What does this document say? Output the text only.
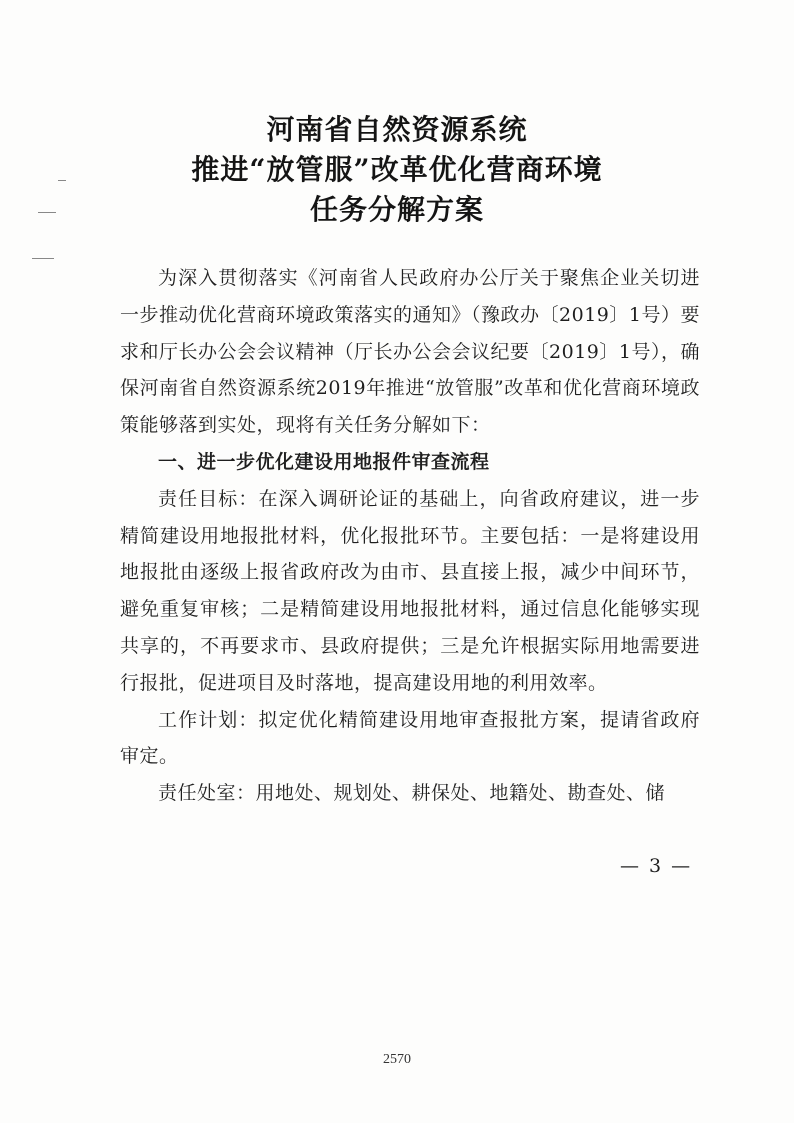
河南省自然资源系统
推进“放管服”改革优化营商环境
任务分解方案

为深入贯彻落实《河南省人民政府办公厅关于聚焦企业关切进一步推动优化营商环境政策落实的通知》（豫政办〔2019〕1号）要求和厅长办公会会议精神（厅长办公会会议纪要〔2019〕1号），确保河南省自然资源系统2019年推进“放管服”改革和优化营商环境政策能够落到实处，现将有关任务分解如下：

一、进一步优化建设用地报件审查流程

责任目标：在深入调研论证的基础上，向省政府建议，进一步精简建设用地报批材料，优化报批环节。主要包括：一是将建设用地报批由逐级上报省政府改为由市、县直接上报，减少中间环节，避免重复审核；二是精简建设用地报批材料，通过信息化能够实现共享的，不再要求市、县政府提供；三是允许根据实际用地需要进行报批，促进项目及时落地，提高建设用地的利用效率。

工作计划：拟定优化精简建设用地审查报批方案，提请省政府审定。

责任处室：用地处、规划处、耕保处、地籍处、勘查处、储

— 3 —
2570
